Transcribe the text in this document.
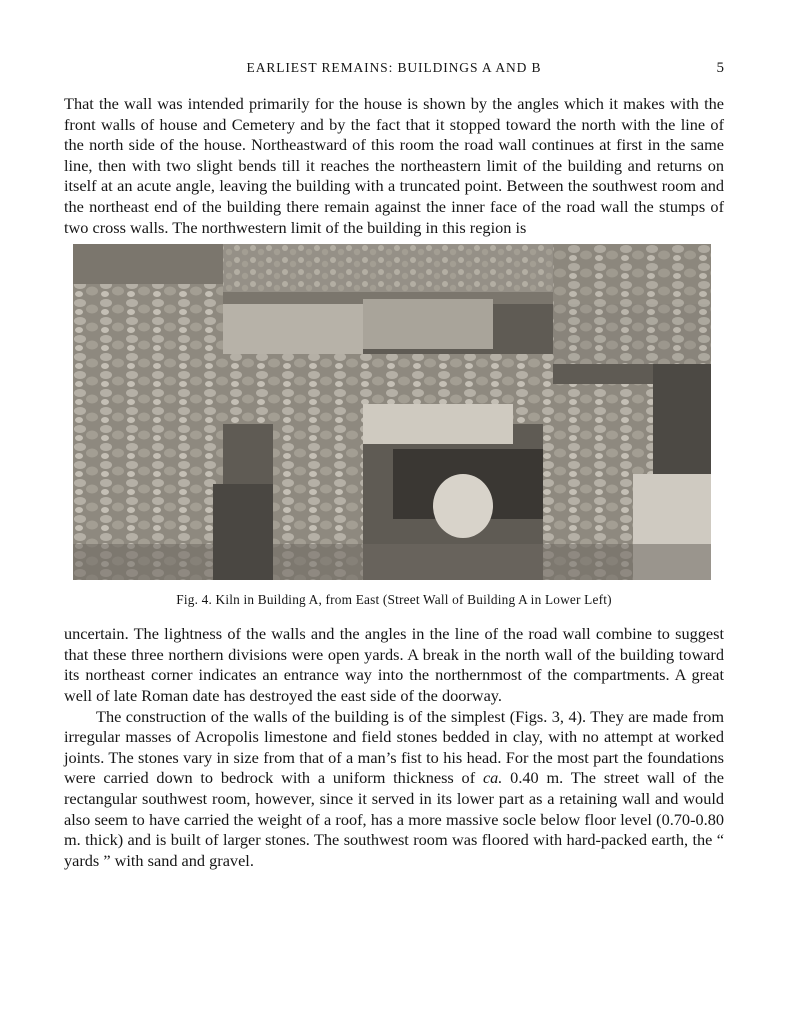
EARLIEST REMAINS: BUILDINGS A AND B	5

That the wall was intended primarily for the house is shown by the angles which it makes with the front walls of house and Cemetery and by the fact that it stopped toward the north with the line of the north side of the house. Northeastward of this room the road wall continues at first in the same line, then with two slight bends till it reaches the northeastern limit of the building and returns on itself at an acute angle, leaving the building with a truncated point. Between the southwest room and the northeast end of the building there remain against the inner face of the road wall the stumps of two cross walls. The northwestern limit of the building in this region is

Fig. 4. Kiln in Building A, from East (Street Wall of Building A in Lower Left)

uncertain. The lightness of the walls and the angles in the line of the road wall combine to suggest that these three northern divisions were open yards. A break in the north wall of the building toward its northeast corner indicates an entrance way into the northernmost of the compartments. A great well of late Roman date has destroyed the east side of the doorway.

The construction of the walls of the building is of the simplest (Figs. 3, 4). They are made from irregular masses of Acropolis limestone and field stones bedded in clay, with no attempt at worked joints. The stones vary in size from that of a man’s fist to his head. For the most part the foundations were carried down to bedrock with a uniform thickness of ca. 0.40 m. The street wall of the rectangular southwest room, however, since it served in its lower part as a retaining wall and would also seem to have carried the weight of a roof, has a more massive socle below floor level (0.70-0.80 m. thick) and is built of larger stones. The southwest room was floored with hard-packed earth, the “ yards ” with sand and gravel.
